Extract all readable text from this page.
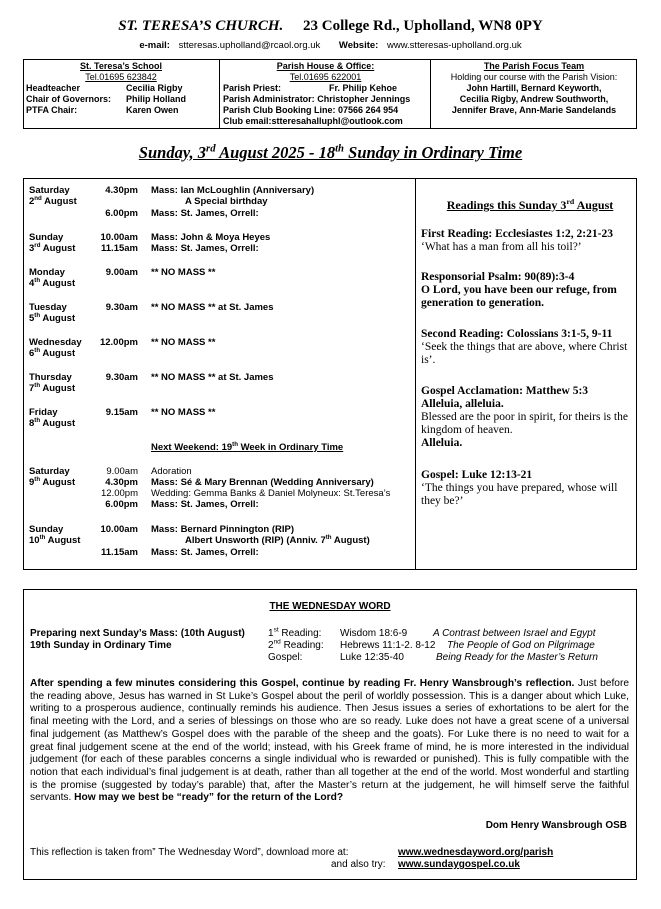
ST. TERESA’S CHURCH. 23 College Rd., Upholland, WN8 0PY
e-mail: stteresas.upholland@rcaol.org.uk Website: www.stteresas-upholland.org.uk
St. Teresa’s School
Tel.01695 623842
Headteacher	Cecilia Rigby
Chair of Governors:	Philip Holland
PTFA Chair:	Karen Owen
Parish House & Office:
Tel.01695 622001
Parish Priest:	Fr. Philip Kehoe
Parish Administrator: Christopher Jennings
Parish Club Booking Line: 07566 264 954
Club email:stteresahalluphl@outlook.com
The Parish Focus Team
Holding our course with the Parish Vision:
John Hartill, Bernard Keyworth,
Cecilia Rigby, Andrew Southworth,
Jennifer Brave, Ann-Marie Sandelands
Sunday, 3rd August 2025 - 18th Sunday in Ordinary Time
Saturday
2nd August
4.30pm Mass: Ian McLoughlin (Anniversary)
A Special birthday
6.00pm Mass: St. James, Orrell:
Sunday
3rd August
10.00am Mass: John & Moya Heyes
11.15am Mass: St. James, Orrell:
Monday
4th August
9.00am ** NO MASS **
Tuesday
5th August
9.30am ** NO MASS ** at St. James
Wednesday
6th August
12.00pm ** NO MASS **
Thursday
7th August
9.30am ** NO MASS ** at St. James
Friday
8th August
9.15am ** NO MASS **
Next Weekend: 19th Week in Ordinary Time
Saturday
9th August
9.00am Adoration
4.30pm Mass: Sé & Mary Brennan (Wedding Anniversary)
12.00pm Wedding: Gemma Banks & Daniel Molyneux: St.Teresa’s
6.00pm Mass: St. James, Orrell:
Sunday
10th August
10.00am Mass: Bernard Pinnington (RIP)
Albert Unsworth (RIP) (Anniv. 7th August)
11.15am Mass: St. James, Orrell:
Readings this Sunday 3rd August
First Reading: Ecclesiastes 1:2, 2:21-23
‘What has a man from all his toil?’
Responsorial Psalm: 90(89):3-4
O Lord, you have been our refuge, from generation to generation.
Second Reading: Colossians 3:1-5, 9-11
‘Seek the things that are above, where Christ is’.
Gospel Acclamation: Matthew 5:3
Alleluia, alleluia.
Blessed are the poor in spirit, for theirs is the kingdom of heaven.
Alleluia.
Gospel: Luke 12:13-21
‘The things you have prepared, whose will they be?’
THE WEDNESDAY WORD
Preparing next Sunday’s Mass: (10th August)
19th Sunday in Ordinary Time
1st Reading: Wisdom 18:6-9	A Contrast between Israel and Egypt
2nd Reading: Hebrews 11:1-2. 8-12 The People of God on Pilgrimage
Gospel:	Luke 12:35-40	Being Ready for the Master’s Return
After spending a few minutes considering this Gospel, continue by reading Fr. Henry Wansbrough’s reflection. Just before the reading above, Jesus has warned in St Luke’s Gospel about the peril of worldly possession. This is a danger about which Luke, writing to a prosperous audience, continually reminds his audience. Then Jesus issues a series of exhortations to be alert for the final meeting with the Lord, and a series of blessings on those who are so ready. Luke does not have a great scene of a universal final judgement (as Matthew’s Gospel does with the parable of the sheep and the goats). For Luke there is no need to wait for a great final judgement scene at the end of the world; instead, with his Greek frame of mind, he is more interested in the individual judgement (for each of these parables concerns a single individual who is rewarded or punished). This is fully compatible with the notion that each individual’s final judgement is at death, rather than all together at the end of the world. Most wonderful and startling is the promise (suggested by today’s parable) that, after the Master’s return at the judgement, he will himself serve the faithful servants. How may we best be “ready” for the return of the Lord?
Dom Henry Wansbrough OSB
This reflection is taken from” The Wednesday Word”, download more at:	www.wednesdayword.org/parish
and also try: www.sundaygospel.co.uk
